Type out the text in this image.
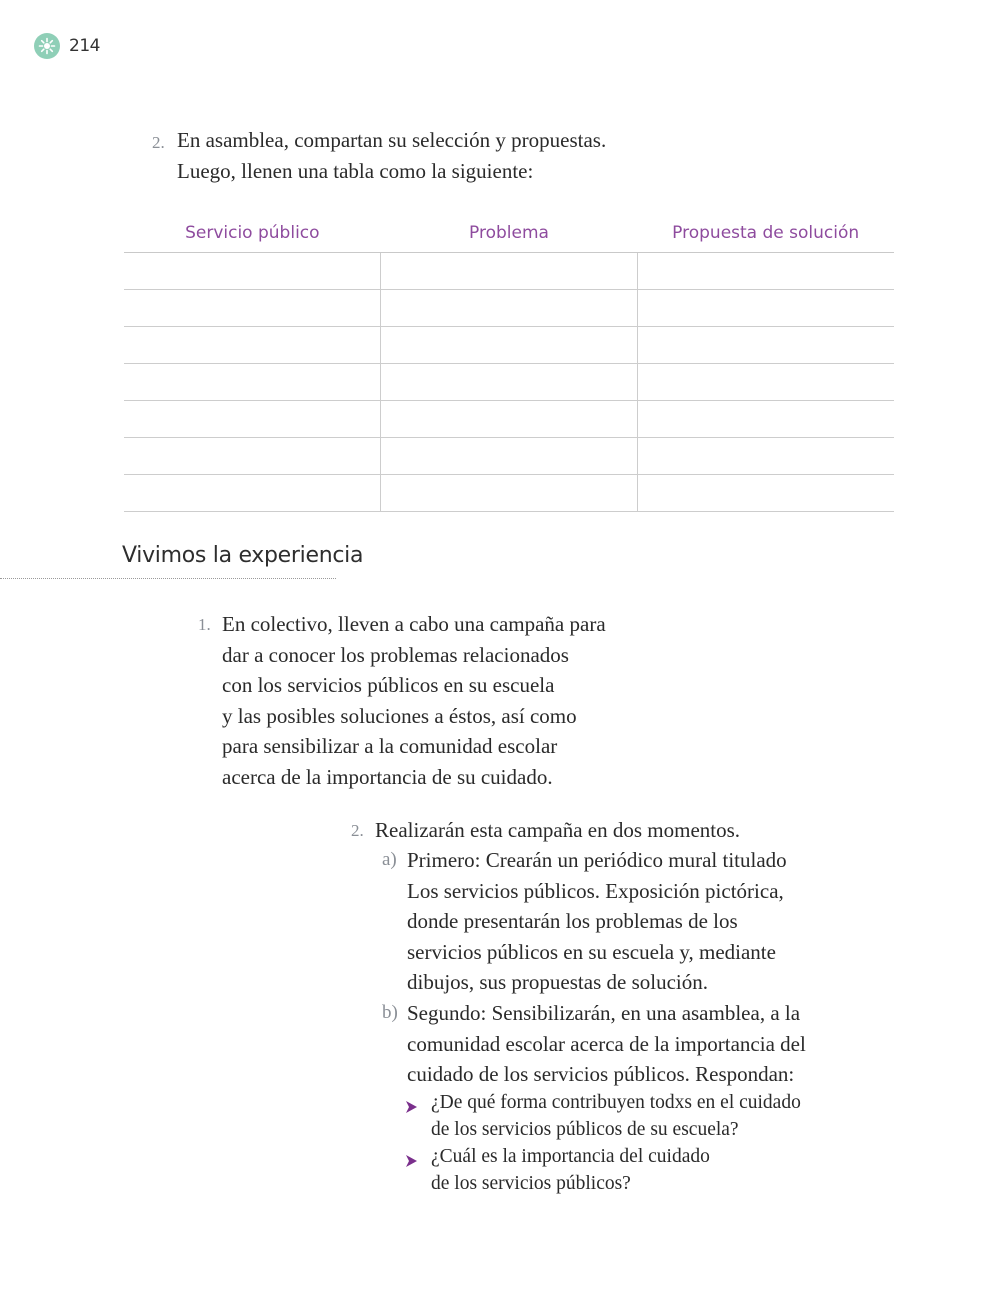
214
2. En asamblea, compartan su selección y propuestas.
Luego, llenen una tabla como la siguiente:
Servicio público	Problema	Propuesta de solución

Vivimos la experiencia
1. En colectivo, lleven a cabo una campaña para
dar a conocer los problemas relacionados
con los servicios públicos en su escuela
y las posibles soluciones a éstos, así como
para sensibilizar a la comunidad escolar
acerca de la importancia de su cuidado.
2. Realizarán esta campaña en dos momentos.
a) Primero: Crearán un periódico mural titulado
Los servicios públicos. Exposición pictórica,
donde presentarán los problemas de los
servicios públicos en su escuela y, mediante
dibujos, sus propuestas de solución.
b) Segundo: Sensibilizarán, en una asamblea, a la
comunidad escolar acerca de la importancia del
cuidado de los servicios públicos. Respondan:
¿De qué forma contribuyen todxs en el cuidado
de los servicios públicos de su escuela?
¿Cuál es la importancia del cuidado
de los servicios públicos?
